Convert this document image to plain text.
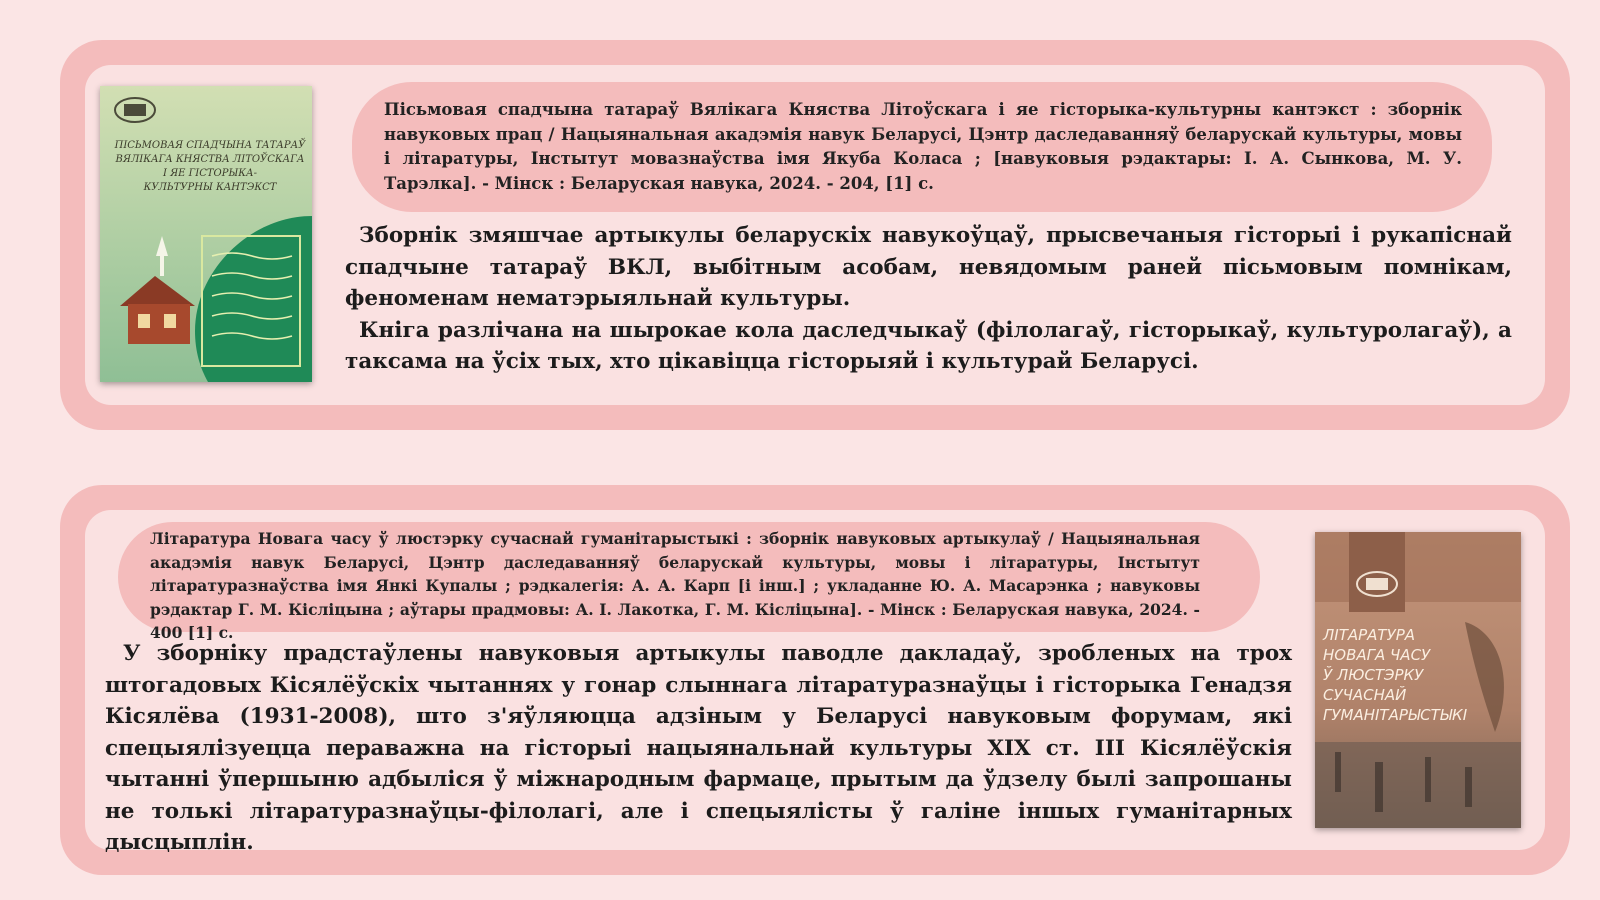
ПІСЬМОВАЯ СПАДЧЫНА ТАТАРАЎ
ВЯЛІКАГА КНЯСТВА ЛІТОЎСКАГА
І ЯЕ ГІСТОРЫКА-
КУЛЬТУРНЫ КАНТЭКСТ

Пісьмовая спадчына татараў Вялікага Княства Літоўскага і яе гісторыка-культурны кантэкст : зборнік навуковых прац / Нацыянальная акадэмія навук Беларусі, Цэнтр даследаванняў беларускай культуры, мовы і літаратуры, Інстытут мовазнаўства імя Якуба Коласа ; [навуковыя рэдактары: І. А. Сынкова, М. У. Тарэлка]. - Мінск : Беларуская навука, 2024. - 204, [1] с.

Зборнік змяшчае артыкулы беларускіх навукоўцаў, прысвечаныя гісторыі і рукапіснай спадчыне татараў ВКЛ, выбітным асобам, невядомым раней пісьмовым помнікам, феноменам нематэрыяльнай культуры.

Кніга разлічана на шырокае кола даследчыкаў (філолагаў, гісторыкаў, культуролагаў), а таксама на ўсіх тых, хто цікавіцца гісторыяй і культурай Беларусі.

Літаратура Новага часу ў люстэрку сучаснай гуманітарыстыкі : зборнік навуковых артыкулаў / Нацыянальная акадэмія навук Беларусі, Цэнтр даследаванняў беларускай культуры, мовы і літаратуры, Інстытут літаратуразнаўства імя Янкі Купалы ; рэдкалегія: А. А. Карп [і інш.] ; укладанне Ю. А. Масарэнка ; навуковы рэдактар Г. М. Кісліцына ; аўтары прадмовы: А. І. Лакотка, Г. М. Кісліцына]. - Мінск : Беларуская навука, 2024. - 400 [1] с.

У зборніку прадстаўлены навуковыя артыкулы паводле дакладаў, зробленых на трох штогадовых Кісялёўскіх чытаннях у гонар слыннага літаратуразнаўцы і гісторыка Генадзя Кісялёва (1931-2008), што з'яўляюцца адзіным у Беларусі навуковым форумам, які спецыялізуецца пераважна на гісторыі нацыянальнай культуры ХІХ ст. ІІІ Кісялёўскія чытанні ўпершыню адбыліся ў міжнародным фармаце, прытым да ўдзелу былі запрошаны не толькі літаратуразнаўцы-філолагі, але і спецыялісты ў галіне іншых гуманітарных дысцыплін.

ЛІТАРАТУРА
НОВАГА ЧАСУ
Ў ЛЮСТЭРКУ
СУЧАСНАЙ
ГУМАНІТАРЫСТЫКІ
